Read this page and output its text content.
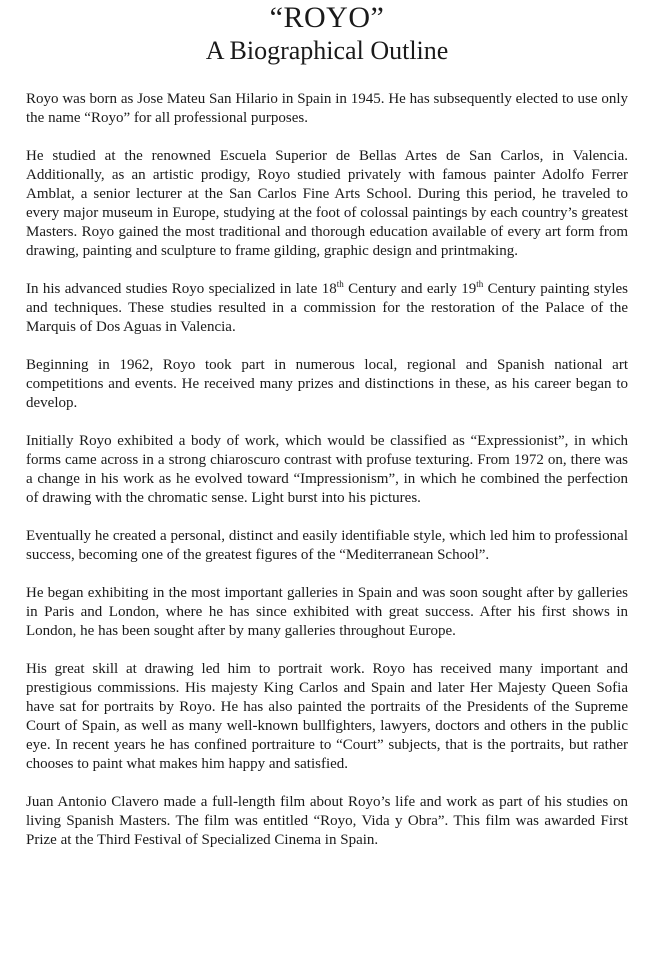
“ROYO”
A Biographical Outline

Royo was born as Jose Mateu San Hilario in Spain in 1945. He has subsequently elected to use only the name “Royo” for all professional purposes.

He studied at the renowned Escuela Superior de Bellas Artes de San Carlos, in Valencia. Additionally, as an artistic prodigy, Royo studied privately with famous painter Adolfo Ferrer Amblat, a senior lecturer at the San Carlos Fine Arts School. During this period, he traveled to every major museum in Europe, studying at the foot of colossal paintings by each country’s greatest Masters. Royo gained the most traditional and thorough education available of every art form from drawing, painting and sculpture to frame gilding, graphic design and printmaking.

In his advanced studies Royo specialized in late 18th Century and early 19th Century painting styles and techniques. These studies resulted in a commission for the restoration of the Palace of the Marquis of Dos Aguas in Valencia.

Beginning in 1962, Royo took part in numerous local, regional and Spanish national art competitions and events. He received many prizes and distinctions in these, as his career began to develop.

Initially Royo exhibited a body of work, which would be classified as “Expressionist”, in which forms came across in a strong chiaroscuro contrast with profuse texturing. From 1972 on, there was a change in his work as he evolved toward “Impressionism”, in which he combined the perfection of drawing with the chromatic sense. Light burst into his pictures.

Eventually he created a personal, distinct and easily identifiable style, which led him to professional success, becoming one of the greatest figures of the “Mediterranean School”.

He began exhibiting in the most important galleries in Spain and was soon sought after by galleries in Paris and London, where he has since exhibited with great success. After his first shows in London, he has been sought after by many galleries throughout Europe.

His great skill at drawing led him to portrait work. Royo has received many important and prestigious commissions. His majesty King Carlos and Spain and later Her Majesty Queen Sofia have sat for portraits by Royo. He has also painted the portraits of the Presidents of the Supreme Court of Spain, as well as many well-known bullfighters, lawyers, doctors and others in the public eye. In recent years he has confined portraiture to “Court” subjects, that is the portraits, but rather chooses to paint what makes him happy and satisfied.

Juan Antonio Clavero made a full-length film about Royo’s life and work as part of his studies on living Spanish Masters. The film was entitled “Royo, Vida y Obra”. This film was awarded First Prize at the Third Festival of Specialized Cinema in Spain.
